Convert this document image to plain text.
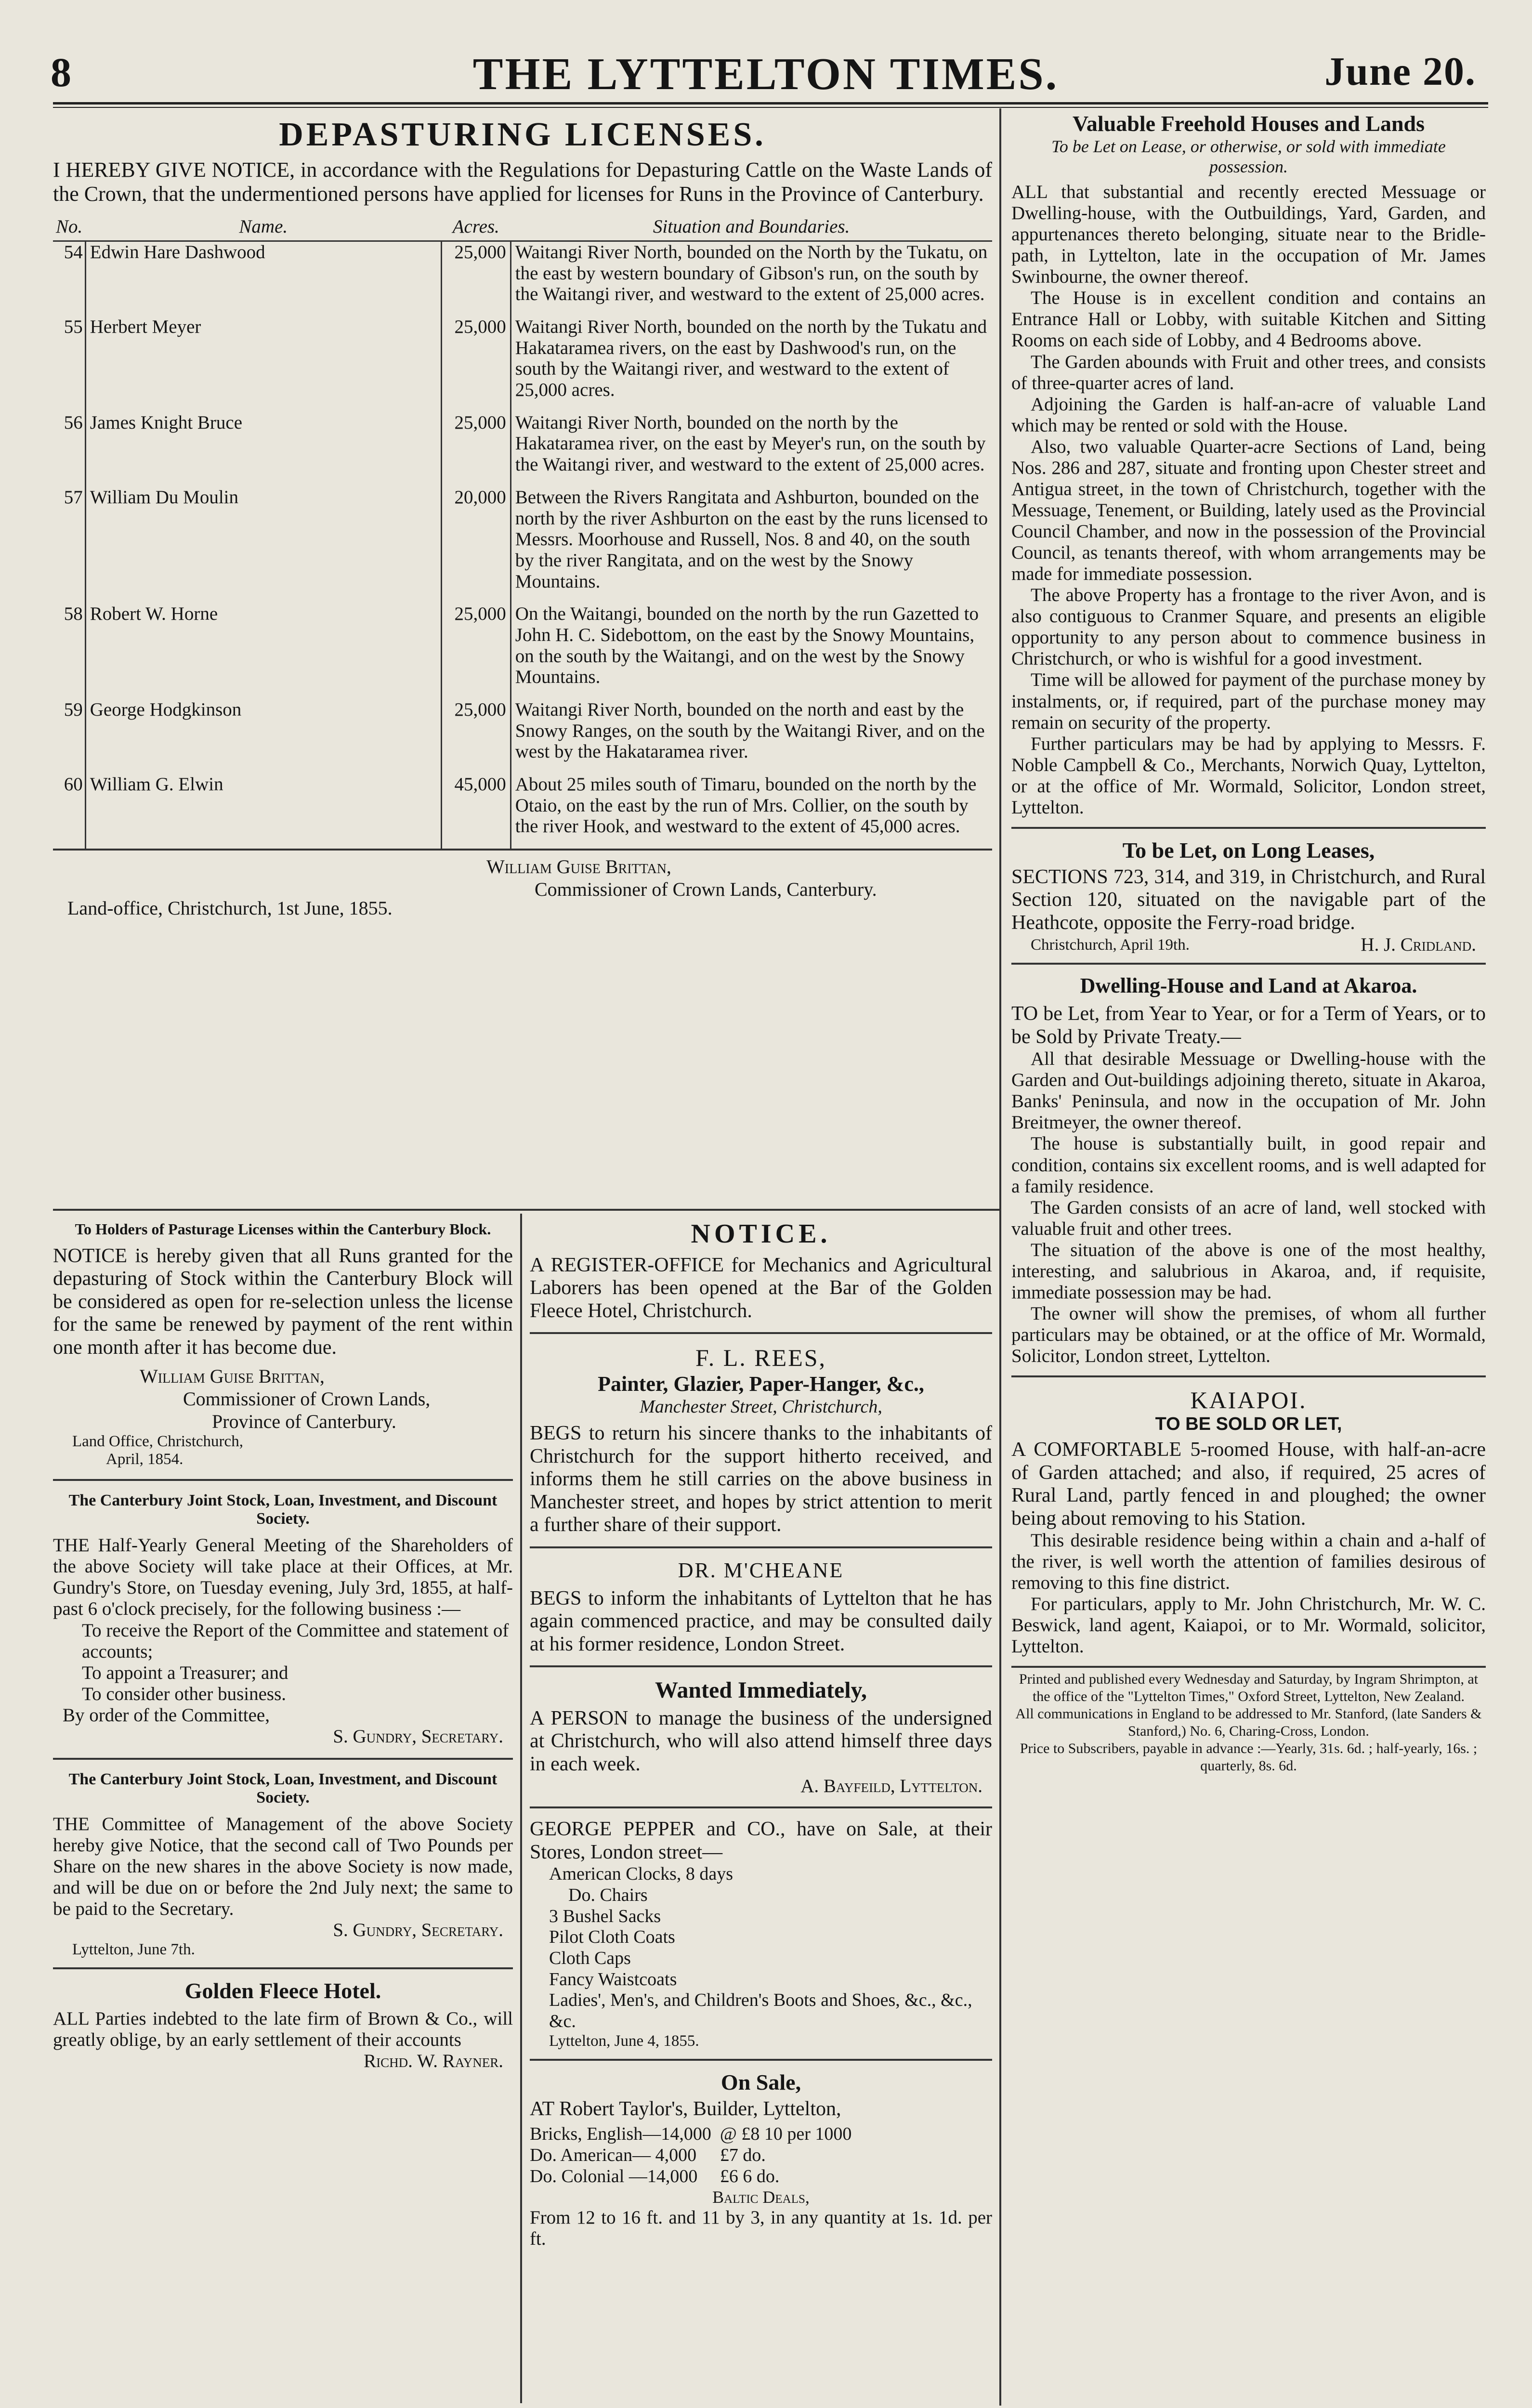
8	THE LYTTELTON TIMES.	June 20.
DEPASTURING LICENSES.

I HEREBY GIVE NOTICE, in accordance with the Regulations for Depasturing Cattle on the Waste Lands of the Crown, that the undermentioned persons have applied for licenses for Runs in the Province of Canterbury.

No.	Name.	Acres.	Situation and Boundaries.
54	Edwin Hare Dashwood	25,000	Waitangi River North, bounded on the North by the Tukatu, on the east by western boundary of Gibson's run, on the south by the Waitangi river, and westward to the extent of 25,000 acres.
55	Herbert Meyer	25,000	Waitangi River North, bounded on the north by the Tukatu and Hakataramea rivers, on the east by Dashwood's run, on the south by the Waitangi river, and westward to the extent of 25,000 acres.
56	James Knight Bruce	25,000	Waitangi River North, bounded on the north by the Hakataramea river, on the east by Meyer's run, on the south by the Waitangi river, and westward to the extent of 25,000 acres.
57	William Du Moulin	20,000	Between the Rivers Rangitata and Ashburton, bounded on the north by the river Ashburton on the east by the runs licensed to Messrs. Moorhouse and Russell, Nos. 8 and 40, on the south by the river Rangitata, and on the west by the Snowy Mountains.
58	Robert W. Horne	25,000	On the Waitangi, bounded on the north by the run Gazetted to John H. C. Sidebottom, on the east by the Snowy Mountains, on the south by the Waitangi, and on the west by the Snowy Mountains.
59	George Hodgkinson	25,000	Waitangi River North, bounded on the north and east by the Snowy Ranges, on the south by the Waitangi River, and on the west by the Hakataramea river.
60	William G. Elwin	45,000	About 25 miles south of Timaru, bounded on the north by the Otaio, on the east by the run of Mrs. Collier, on the south by the river Hook, and westward to the extent of 45,000 acres.
William Guise Brittan,
Commissioner of Crown Lands, Canterbury.
Land-office, Christchurch, 1st June, 1855.
To Holders of Pasturage Licenses within the Canterbury Block.

NOTICE is hereby given that all Runs granted for the depasturing of Stock within the Canterbury Block will be considered as open for re-selection unless the license for the same be renewed by payment of the rent within one month after it has become due.

William Guise Brittan,
Commissioner of Crown Lands,
Province of Canterbury.
Land Office, Christchurch,
April, 1854.
The Canterbury Joint Stock, Loan, Investment, and Discount Society.

THE Half-Yearly General Meeting of the Shareholders of the above Society will take place at their Offices, at Mr. Gundry's Store, on Tuesday evening, July 3rd, 1855, at half-past 6 o'clock precisely, for the following business :—

To receive the Report of the Committee and statement of accounts;
To appoint a Treasurer; and
To consider other business.
By order of the Committee,
S. Gundry, Secretary.
The Canterbury Joint Stock, Loan, Investment, and Discount Society.

THE Committee of Management of the above Society hereby give Notice, that the second call of Two Pounds per Share on the new shares in the above Society is now made, and will be due on or before the 2nd July next; the same to be paid to the Secretary.

S. Gundry, Secretary.
Lyttelton, June 7th.
Golden Fleece Hotel.

ALL Parties indebted to the late firm of Brown & Co., will greatly oblige, by an early settlement of their accounts

Richd. W. Rayner.
NOTICE.

A REGISTER-OFFICE for Mechanics and Agricultural Laborers has been opened at the Bar of the Golden Fleece Hotel, Christchurch.

F. L. REES,
Painter, Glazier, Paper-Hanger, &c.,
Manchester Street, Christchurch,

BEGS to return his sincere thanks to the inhabitants of Christchurch for the support hitherto received, and informs them he still carries on the above business in Manchester street, and hopes by strict attention to merit a further share of their support.

DR. M'CHEANE

BEGS to inform the inhabitants of Lyttelton that he has again commenced practice, and may be consulted daily at his former residence, London Street.

Wanted Immediately,

A PERSON to manage the business of the undersigned at Christchurch, who will also attend himself three days in each week.

A. Bayfeild, Lyttelton.

GEORGE PEPPER and CO., have on Sale, at their Stores, London street—

American Clocks, 8 days
Do. Chairs
3 Bushel Sacks
Pilot Cloth Coats
Cloth Caps
Fancy Waistcoats
Ladies', Men's, and Children's Boots and Shoes, &c., &c., &c.
Lyttelton, June 4, 1855.
On Sale,

AT Robert Taylor's, Builder, Lyttelton,

Bricks, English—14,000	@ £8 10 per 1000
Do. American— 4,000	£7 do.
Do. Colonial —14,000	£6 6 do.
Baltic Deals,

From 12 to 16 ft. and 11 by 3, in any quantity at 1s. 1d. per ft.

Valuable Freehold Houses and Lands
To be Let on Lease, or otherwise, or sold with immediate possession.

ALL that substantial and recently erected Messuage or Dwelling-house, with the Outbuildings, Yard, Garden, and appurtenances thereto belonging, situate near to the Bridle-path, in Lyttelton, late in the occupation of Mr. James Swinbourne, the owner thereof.

The House is in excellent condition and contains an Entrance Hall or Lobby, with suitable Kitchen and Sitting Rooms on each side of Lobby, and 4 Bedrooms above.

The Garden abounds with Fruit and other trees, and consists of three-quarter acres of land.

Adjoining the Garden is half-an-acre of valuable Land which may be rented or sold with the House.

Also, two valuable Quarter-acre Sections of Land, being Nos. 286 and 287, situate and fronting upon Chester street and Antigua street, in the town of Christchurch, together with the Messuage, Tenement, or Building, lately used as the Provincial Council Chamber, and now in the possession of the Provincial Council, as tenants thereof, with whom arrangements may be made for immediate possession.

The above Property has a frontage to the river Avon, and is also contiguous to Cranmer Square, and presents an eligible opportunity to any person about to commence business in Christchurch, or who is wishful for a good investment.

Time will be allowed for payment of the purchase money by instalments, or, if required, part of the purchase money may remain on security of the property.

Further particulars may be had by applying to Messrs. F. Noble Campbell & Co., Merchants, Norwich Quay, Lyttelton, or at the office of Mr. Wormald, Solicitor, London street, Lyttelton.

To be Let, on Long Leases,

SECTIONS 723, 314, and 319, in Christchurch, and Rural Section 120, situated on the navigable part of the Heathcote, opposite the Ferry-road bridge.

H. J. Cridland.
Christchurch, April 19th.
Dwelling-House and Land at Akaroa.

TO be Let, from Year to Year, or for a Term of Years, or to be Sold by Private Treaty.—

All that desirable Messuage or Dwelling-house with the Garden and Out-buildings adjoining thereto, situate in Akaroa, Banks' Peninsula, and now in the occupation of Mr. John Breitmeyer, the owner thereof.

The house is substantially built, in good repair and condition, contains six excellent rooms, and is well adapted for a family residence.

The Garden consists of an acre of land, well stocked with valuable fruit and other trees.

The situation of the above is one of the most healthy, interesting, and salubrious in Akaroa, and, if requisite, immediate possession may be had.

The owner will show the premises, of whom all further particulars may be obtained, or at the office of Mr. Wormald, Solicitor, London street, Lyttelton.

KAIAPOI.
TO BE SOLD OR LET,

A COMFORTABLE 5-roomed House, with half-an-acre of Garden attached; and also, if required, 25 acres of Rural Land, partly fenced in and ploughed; the owner being about removing to his Station.

This desirable residence being within a chain and a-half of the river, is well worth the attention of families desirous of removing to this fine district.

For particulars, apply to Mr. John Christchurch, Mr. W. C. Beswick, land agent, Kaiapoi, or to Mr. Wormald, solicitor, Lyttelton.

Printed and published every Wednesday and Saturday, by Ingram Shrimpton, at the office of the "Lyttelton Times," Oxford Street, Lyttelton, New Zealand.
All communications in England to be addressed to Mr. Stanford, (late Sanders & Stanford,) No. 6, Charing-Cross, London.
Price to Subscribers, payable in advance :—Yearly, 31s. 6d. ; half-yearly, 16s. ; quarterly, 8s. 6d.
